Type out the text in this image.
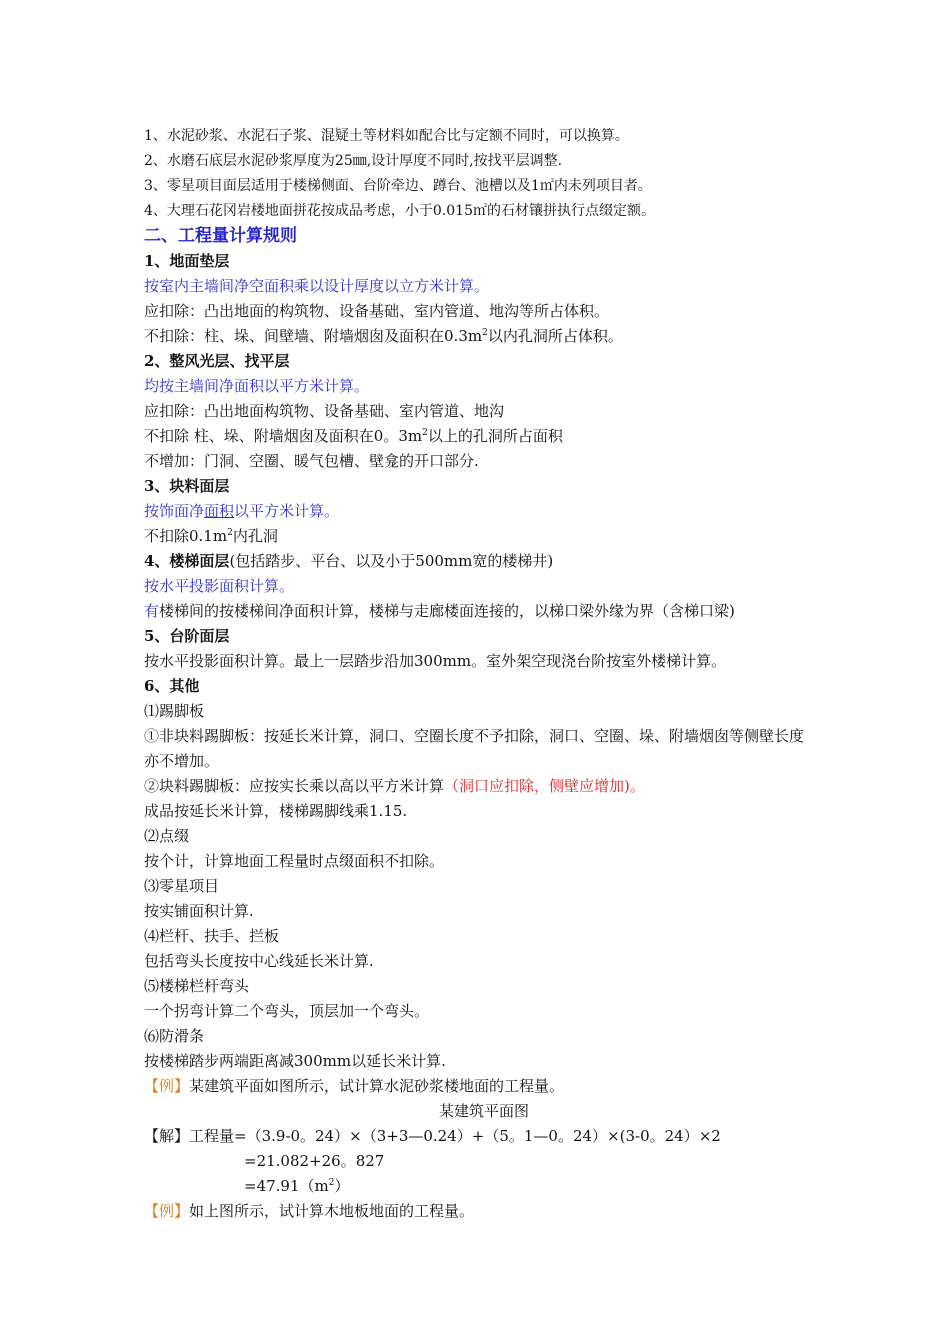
1、水泥砂浆、水泥石子浆、混疑土等材料如配合比与定额不同时，可以换算。
2、水磨石底层水泥砂浆厚度为25㎜,设计厚度不同时,按找平层调整.
3、零星项目面层适用于楼梯侧面、台阶牵边、蹲台、池槽以及1㎡内未列项目者。
4、大理石花冈岩楼地面拼花按成品考虑，小于0.015㎡的石材镶拼执行点缀定额。
二、工程量计算规则
1、地面垫层
按室内主墙间净空面积乘以设计厚度以立方米计算。
应扣除：凸出地面的构筑物、设备基础、室内管道、地沟等所占体积。
不扣除：柱、垛、间壁墙、附墙烟囱及面积在$0.3m^2$以内孔洞所占体积。
2、整风光层、找平层
均按主墙间净面积以平方米计算。
应扣除：凸出地面构筑物、设备基础、室内管道、地沟
不扣除 柱、垛、附墙烟囱及面积在0。$3m^2$以上的孔洞所占面积
不增加：门洞、空圈、暖气包槽、壁龛的开口部分.
3、块料面层
按饰面净面积以平方米计算。
不扣除$0.1m^2$内孔洞
4、楼梯面层(包括踏步、平台、以及小于500mm宽的楼梯井)
按水平投影面积计算。
有楼梯间的按楼梯间净面积计算，楼梯与走廊楼面连接的，以梯口梁外缘为界（含梯口梁)
5、台阶面层
按水平投影面积计算。最上一层踏步沿加300mm。室外架空现浇台阶按室外楼梯计算。
6、其他
⑴踢脚板
①非块料踢脚板：按延长米计算，洞口、空圈长度不予扣除，洞口、空圈、垛、附墙烟囱等侧壁长度亦不增加。
②块料踢脚板：应按实长乘以高以平方米计算（洞口应扣除，侧壁应增加)。
成品按延长米计算，楼梯踢脚线乘1.15.
⑵点缀
按个计，计算地面工程量时点缀面积不扣除。
⑶零星项目
按实铺面积计算.
⑷栏杆、扶手、拦板
包括弯头长度按中心线延长米计算.
⑸楼梯栏杆弯头
一个拐弯计算二个弯头，顶层加一个弯头。
⑹防滑条
按楼梯踏步两端距离减300mm以延长米计算.
【例】某建筑平面如图所示，试计算水泥砂浆楼地面的工程量。
某建筑平面图
【解】工程量=（3.9-0。24）×（3+3—0.24）+（5。1—0。24）×(3-0。24）×2
=21.082+26。827
$=47.91(m^2)$
【例】如上图所示，试计算木地板地面的工程量。
